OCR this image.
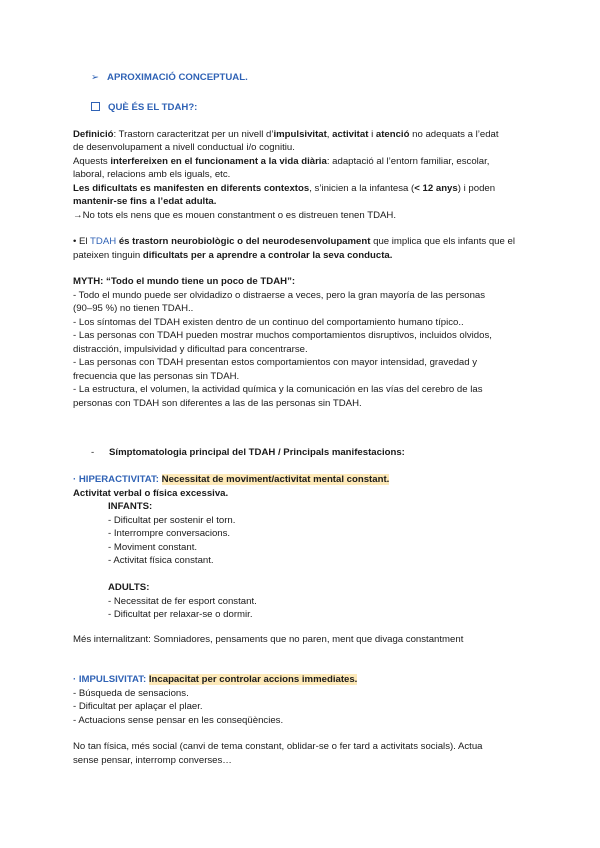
➢ APROXIMACIÓ CONCEPTUAL.
QUÈ ÉS EL TDAH?:
Definició: Trastorn caracteritzat per un nivell d’impulsivitat, activitat i atenció no adequats a l’edat
de desenvolupament a nivell conductual i/o cognitiu.
Aquests interfereixen en el funcionament a la vida diària: adaptació al l’entorn familiar, escolar,
laboral, relacions amb els iguals, etc.
Les dificultats es manifesten en diferents contextos, s’inicien a la infantesa (< 12 anys) i poden
mantenir-se fins a l’edat adulta.
→No tots els nens que es mouen constantment o es distreuen tenen TDAH.
• El TDAH és trastorn neurobiològic o del neurodesenvolupament que implica que els infants que el
pateixen tinguin dificultats per a aprendre a controlar la seva conducta.
MYTH: “Todo el mundo tiene un poco de TDAH”:
- Todo el mundo puede ser olvidadizo o distraerse a veces, pero la gran mayoría de las personas
(90–95 %) no tienen TDAH..
- Los síntomas del TDAH existen dentro de un continuo del comportamiento humano típico..
- Las personas con TDAH pueden mostrar muchos comportamientos disruptivos, incluidos olvidos,
distracción, impulsividad y dificultad para concentrarse.
- Las personas con TDAH presentan estos comportamientos con mayor intensidad, gravedad y
frecuencia que las personas sin TDAH.
- La estructura, el volumen, la actividad química y la comunicación en las vías del cerebro de las
personas con TDAH son diferentes a las de las personas sin TDAH.
- Símptomatologia principal del TDAH / Principals manifestacions:
· HIPERACTIVITAT: Necessitat de moviment/activitat mental constant.
Activitat verbal o física excessiva.
INFANTS:
- Dificultat per sostenir el torn.
- Interrompre conversacions.
- Moviment constant.
- Activitat física constant.
ADULTS:
- Necessitat de fer esport constant.
- Dificultat per relaxar-se o dormir.
Més internalitzant: Somniadores, pensaments que no paren, ment que divaga constantment
· IMPULSIVITAT: Incapacitat per controlar accions immediates.
- Búsqueda de sensacions.
- Dificultat per aplaçar el plaer.
- Actuacions sense pensar en les conseqüències.
No tan física, més social (canvi de tema constant, oblidar-se o fer tard a activitats socials). Actua
sense pensar, interromp converses…
